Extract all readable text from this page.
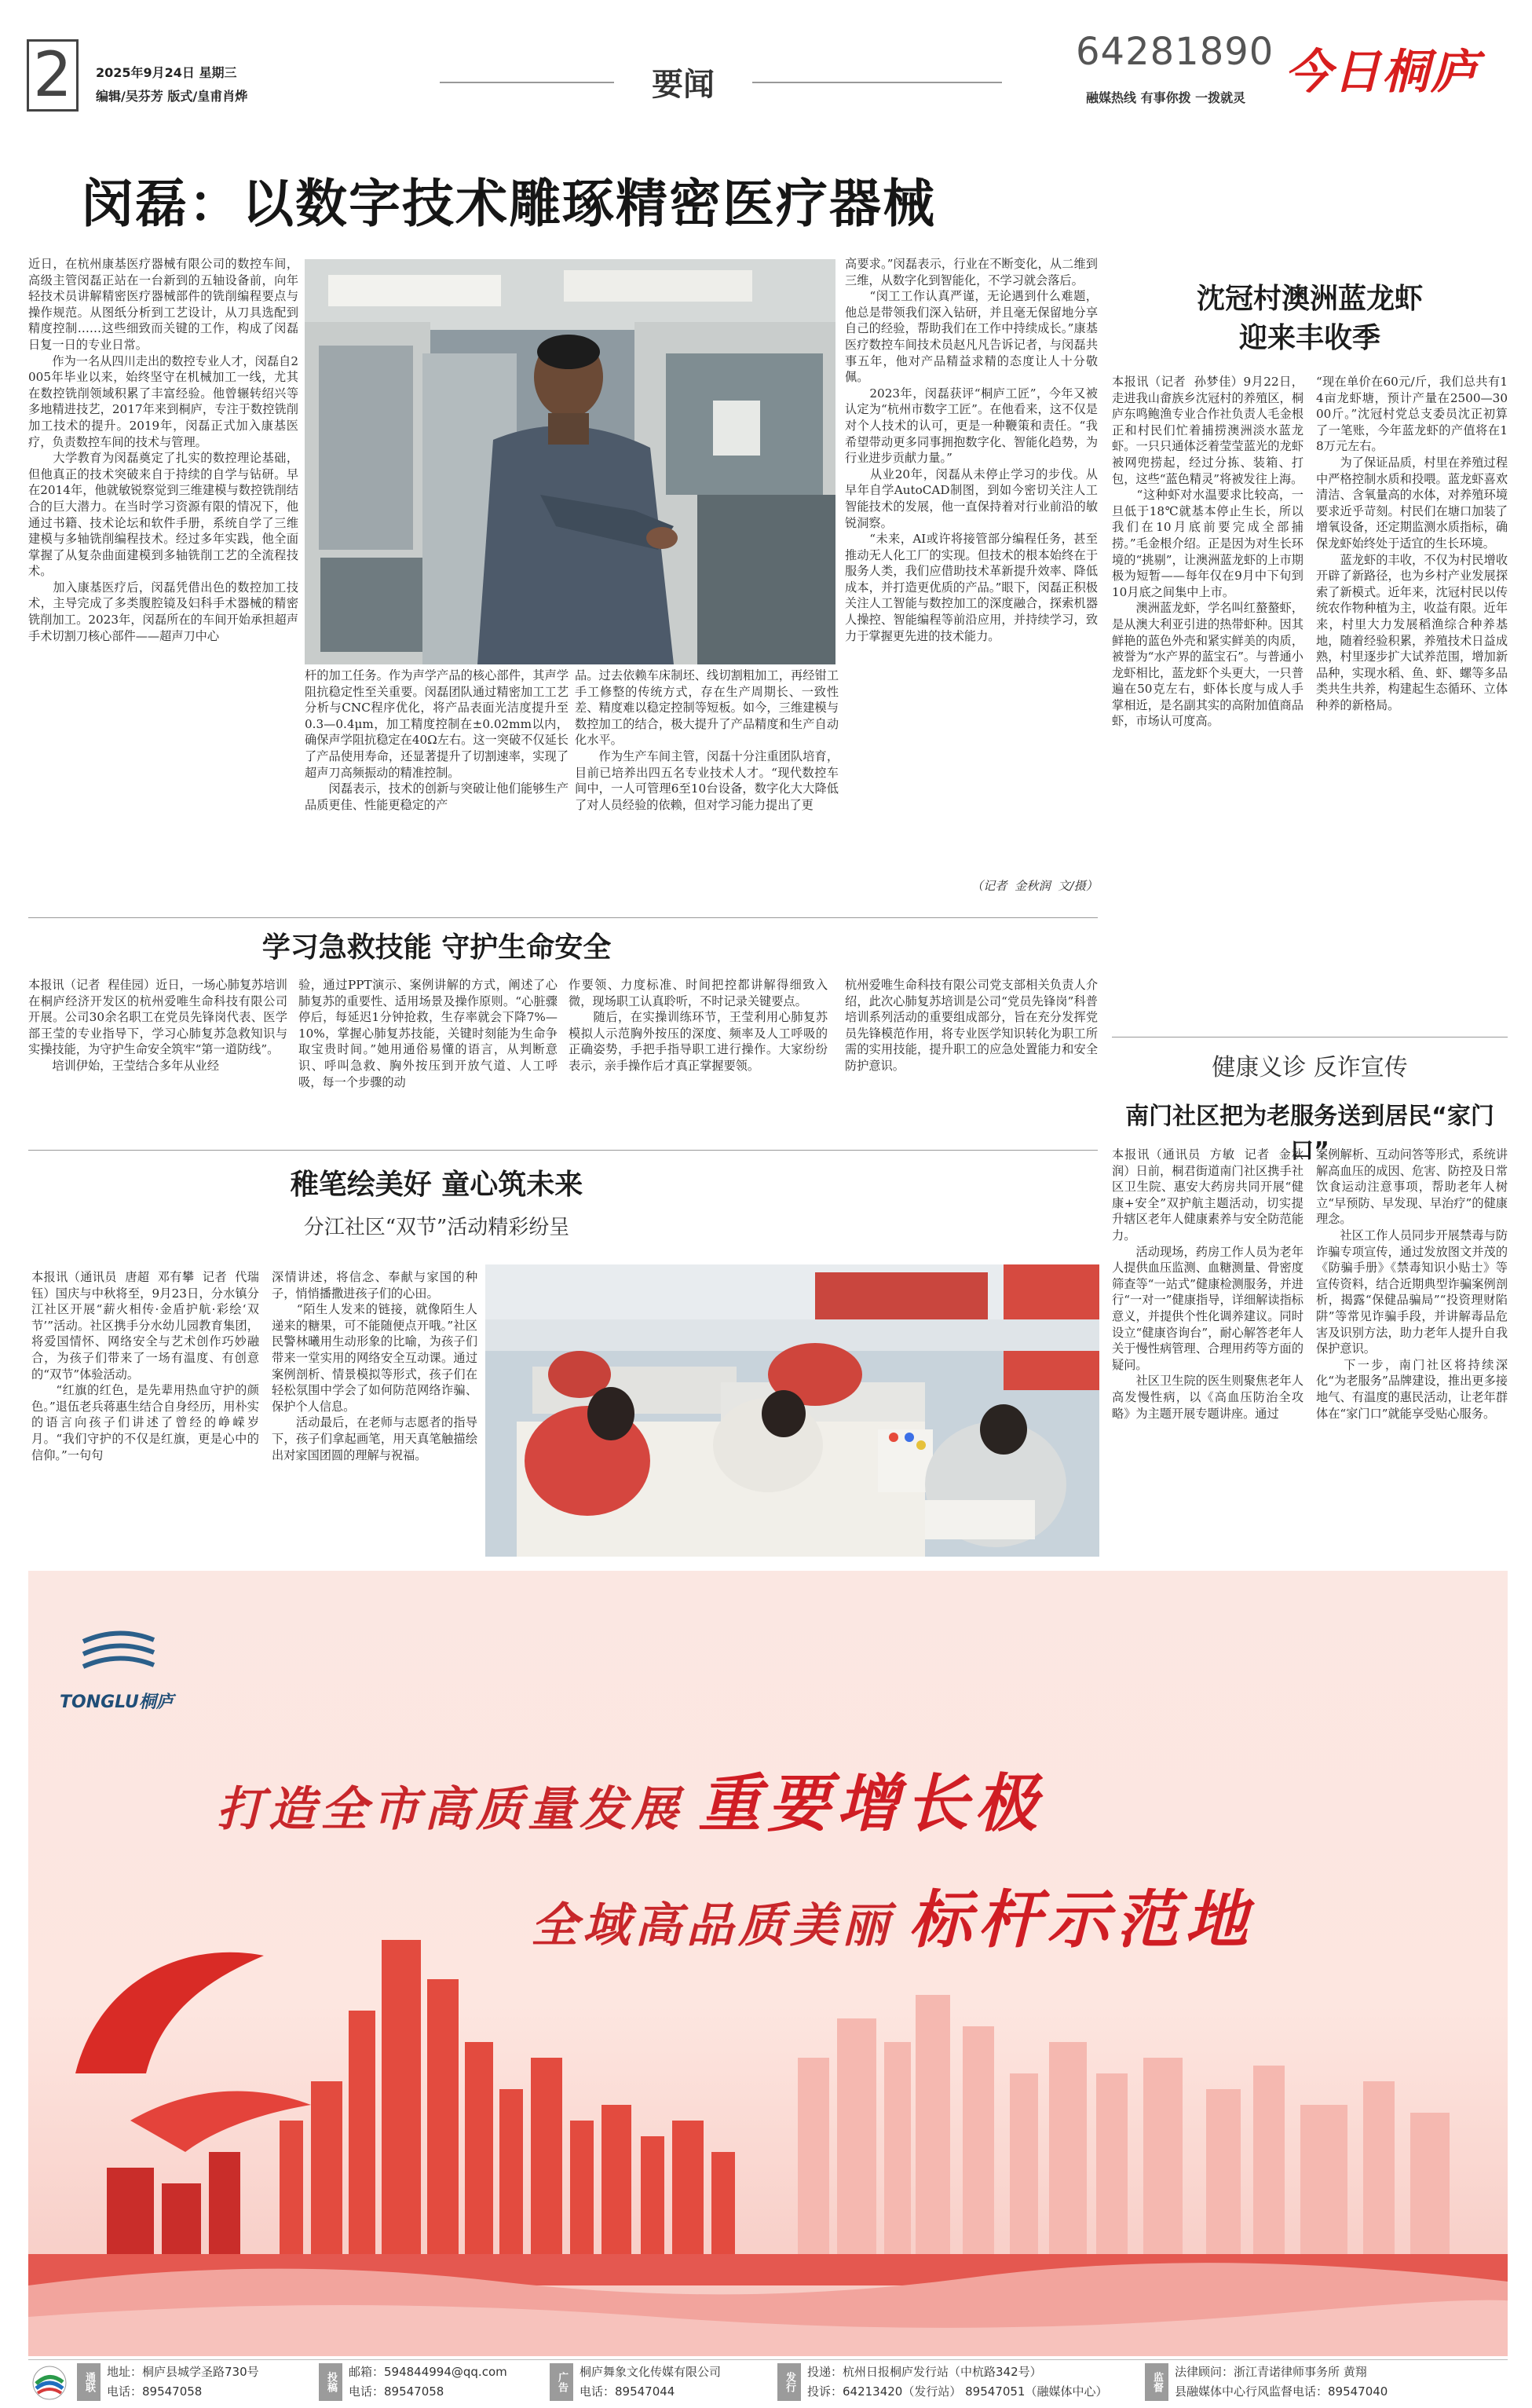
2 2025年9月24日 星期三
编辑/吴芬芳 版式/皇甫肖烨	要闻
64281890
融媒热线 有事你拨 一拨就灵 今日桐庐
闵磊：以数字技术雕琢精密医疗器械
近日，在杭州康基医疗器械有限公司的数控车间，高级主管闵磊正站在一台新到的五轴设备前，向年轻技术员讲解精密医疗器械部件的铣削编程要点与操作规范。从图纸分析到工艺设计，从刀具选配到精度控制……这些细致而关键的工作，构成了闵磊日复一日的专业日常。
　　作为一名从四川走出的数控专业人才，闵磊自2005年毕业以来，始终坚守在机械加工一线，尤其在数控铣削领域积累了丰富经验。他曾辗转绍兴等多地精进技艺，2017年来到桐庐，专注于数控铣削加工技术的提升。2019年，闵磊正式加入康基医疗，负责数控车间的技术与管理。
　　大学教育为闵磊奠定了扎实的数控理论基础，但他真正的技术突破来自于持续的自学与钻研。早在2014年，他就敏锐察觉到三维建模与数控铣削结合的巨大潜力。在当时学习资源有限的情况下，他通过书籍、技术论坛和软件手册，系统自学了三维建模与多轴铣削编程技术。经过多年实践，他全面掌握了从复杂曲面建模到多轴铣削工艺的全流程技术。
　　加入康基医疗后，闵磊凭借出色的数控加工技术，主导完成了多类腹腔镜及妇科手术器械的精密铣削加工。2023年，闵磊所在的车间开始承担超声手术切割刀核心部件——超声刀中心
杆的加工任务。作为声学产品的核心部件，其声学阻抗稳定性至关重要。闵磊团队通过精密加工工艺分析与CNC程序优化，将产品表面光洁度提升至0.3—0.4μm，加工精度控制在±0.02mm以内，确保声学阻抗稳定在40Ω左右。这一突破不仅延长了产品使用寿命，还显著提升了切割速率，实现了超声刀高频振动的精准控制。
　　闵磊表示，技术的创新与突破让他们能够生产品质更佳、性能更稳定的产
品。过去依赖车床制坯、线切割粗加工，再经钳工手工修整的传统方式，存在生产周期长、一致性差、精度难以稳定控制等短板。如今，三维建模与数控加工的结合，极大提升了产品精度和生产自动化水平。
　　作为生产车间主管，闵磊十分注重团队培育，目前已培养出四五名专业技术人才。“现代数控车间中，一人可管理6至10台设备，数字化大大降低了对人员经验的依赖，但对学习能力提出了更
高要求。”闵磊表示，行业在不断变化，从二维到三维，从数字化到智能化，不学习就会落后。
　　“闵工工作认真严谨，无论遇到什么难题，他总是带领我们深入钻研，并且毫无保留地分享自己的经验，帮助我们在工作中持续成长。”康基医疗数控车间技术员赵凡凡告诉记者，与闵磊共事五年，他对产品精益求精的态度让人十分敬佩。
　　2023年，闵磊获评“桐庐工匠”，今年又被认定为“杭州市数字工匠”。在他看来，这不仅是对个人技术的认可，更是一种鞭策和责任。“我希望带动更多同事拥抱数字化、智能化趋势，为行业进步贡献力量。”
　　从业20年，闵磊从未停止学习的步伐。从早年自学AutoCAD制图，到如今密切关注人工智能技术的发展，他一直保持着对行业前沿的敏锐洞察。
　　“未来，AI或许将接管部分编程任务，甚至推动无人化工厂的实现。但技术的根本始终在于服务人类，我们应借助技术革新提升效率、降低成本，并打造更优质的产品。”眼下，闵磊正积极关注人工智能与数控加工的深度融合，探索机器人操控、智能编程等前沿应用，并持续学习，致力于掌握更先进的技术能力。
（记者  金秋润  文/摄）
沈冠村澳洲蓝龙虾
迎来丰收季
本报讯（记者  孙梦佳）9月22日，走进我山畲族乡沈冠村的养殖区，桐庐东鸣鲍渔专业合作社负责人毛金根正和村民们忙着捕捞澳洲淡水蓝龙虾。一只只通体泛着莹莹蓝光的龙虾被网兜捞起，经过分拣、装箱、打包，这些“蓝色精灵”将被发往上海。
　　“这种虾对水温要求比较高，一旦低于18℃就基本停止生长，所以我们在10月底前要完成全部捕捞。”毛金根介绍。正是因为对生长环境的“挑剔”，让澳洲蓝龙虾的上市期极为短暂——每年仅在9月中下旬到10月底之间集中上市。
　　澳洲蓝龙虾，学名叫红螯螯虾，是从澳大利亚引进的热带虾种。因其鲜艳的蓝色外壳和紧实鲜美的肉质，被誉为“水产界的蓝宝石”。与普通小龙虾相比，蓝龙虾个头更大，一只普遍在50克左右，虾体长度与成人手掌相近，是名副其实的高附加值商品虾，市场认可度高。
“现在单价在60元/斤，我们总共有14亩龙虾塘，预计产量在2500—3000斤。”沈冠村党总支委员沈正初算了一笔账，今年蓝龙虾的产值将在18万元左右。
　　为了保证品质，村里在养殖过程中严格控制水质和投喂。蓝龙虾喜欢清洁、含氧量高的水体，对养殖环境要求近乎苛刻。村民们在塘口加装了增氧设备，还定期监测水质指标，确保龙虾始终处于适宜的生长环境。
　　蓝龙虾的丰收，不仅为村民增收开辟了新路径，也为乡村产业发展探索了新模式。近年来，沈冠村民以传统农作物种植为主，收益有限。近年来，村里大力发展稻渔综合种养基地，随着经验积累，养殖技术日益成熟，村里逐步扩大试养范围，增加新品种，实现水稻、鱼、虾、螺等多品类共生共养，构建起生态循环、立体种养的新格局。
学习急救技能 守护生命安全
本报讯（记者  程佳园）近日，一场心肺复苏培训在桐庐经济开发区的杭州爱唯生命科技有限公司开展。公司30余名职工在党员先锋岗代表、医学部王莹的专业指导下，学习心肺复苏急救知识与实操技能，为守护生命安全筑牢“第一道防线”。
　　培训伊始，王莹结合多年从业经
验，通过PPT演示、案例讲解的方式，阐述了心肺复苏的重要性、适用场景及操作原则。“心脏骤停后，每延迟1分钟抢救，生存率就会下降7%—10%，掌握心肺复苏技能，关键时刻能为生命争取宝贵时间。”她用通俗易懂的语言，从判断意识、呼叫急救、胸外按压到开放气道、人工呼吸，每一个步骤的动
作要领、力度标准、时间把控都讲解得细致入微，现场职工认真聆听，不时记录关键要点。
　　随后，在实操训练环节，王莹利用心肺复苏模拟人示范胸外按压的深度、频率及人工呼吸的正确姿势，手把手指导职工进行操作。大家纷纷表示，亲手操作后才真正掌握要领。
杭州爱唯生命科技有限公司党支部相关负责人介绍，此次心肺复苏培训是公司“党员先锋岗”科普培训系列活动的重要组成部分，旨在充分发挥党员先锋模范作用，将专业医学知识转化为职工所需的实用技能，提升职工的应急处置能力和安全防护意识。	健康义诊 反诈宣传
南门社区把为老服务送到居民“家门口”
本报讯（通讯员  方敏  记者  金秋润）日前，桐君街道南门社区携手社区卫生院、惠安大药房共同开展“健康+安全”双护航主题活动，切实提升辖区老年人健康素养与安全防范能力。
　　活动现场，药房工作人员为老年人提供血压监测、血糖测量、骨密度筛查等“一站式”健康检测服务，并进行“一对一”健康指导，详细解读指标意义，并提供个性化调养建议。同时设立“健康咨询台”，耐心解答老年人关于慢性病管理、合理用药等方面的疑问。
　　社区卫生院的医生则聚焦老年人高发慢性病，以《高血压防治全攻略》为主题开展专题讲座。通过
案例解析、互动问答等形式，系统讲解高血压的成因、危害、防控及日常饮食运动注意事项，帮助老年人树立“早预防、早发现、早治疗”的健康理念。
　　社区工作人员同步开展禁毒与防诈骗专项宣传，通过发放图文并茂的《防骗手册》《禁毒知识小贴士》等宣传资料，结合近期典型诈骗案例剖析，揭露“保健品骗局”“投资理财陷阱”等常见诈骗手段，并讲解毒品危害及识别方法，助力老年人提升自我保护意识。
　　下一步，南门社区将持续深化“为老服务”品牌建设，推出更多接地气、有温度的惠民活动，让老年群体在“家门口”就能享受贴心服务。
稚笔绘美好 童心筑未来
分江社区“双节”活动精彩纷呈
本报讯（通讯员  唐超  邓有攀  记者  代瑞钰）国庆与中秋将至，9月23日，分水镇分江社区开展“薪火相传·金盾护航·彩绘‘双节’”活动。社区携手分水幼儿园教育集团，将爱国情怀、网络安全与艺术创作巧妙融合，为孩子们带来了一场有温度、有创意的“双节”体验活动。
　　“红旗的红色，是先辈用热血守护的颜色。”退伍老兵蒋惠生结合自身经历，用朴实的语言向孩子们讲述了曾经的峥嵘岁月。“我们守护的不仅是红旗，更是心中的信仰。”一句句
深情讲述，将信念、奉献与家国的种子，悄悄播撒进孩子们的心田。
　　“陌生人发来的链接，就像陌生人递来的糖果，可不能随便点开哦。”社区民警林曦用生动形象的比喻，为孩子们带来一堂实用的网络安全互动课。通过案例剖析、情景模拟等形式，孩子们在轻松氛围中学会了如何防范网络诈骗、保护个人信息。
　　活动最后，在老师与志愿者的指导下，孩子们拿起画笔，用天真笔触描绘出对家国团圆的理解与祝福。
TONGLU桐庐
打造全市高质量发展 重要增长极
全域高品质美丽 标杆示范地
通联	地址：桐庐县城学圣路730号
电话：89547058	投稿	邮箱：594844994@qq.com
电话：89547058	广告	桐庐舞象文化传媒有限公司
电话：89547044	发行	投递：杭州日报桐庐发行站（中杭路342号）
投诉：64213420（发行站） 89547051（融媒体中心）	监督	法律顾问：浙江青诺律师事务所 黄翔
县融媒体中心行风监督电话：89547040
